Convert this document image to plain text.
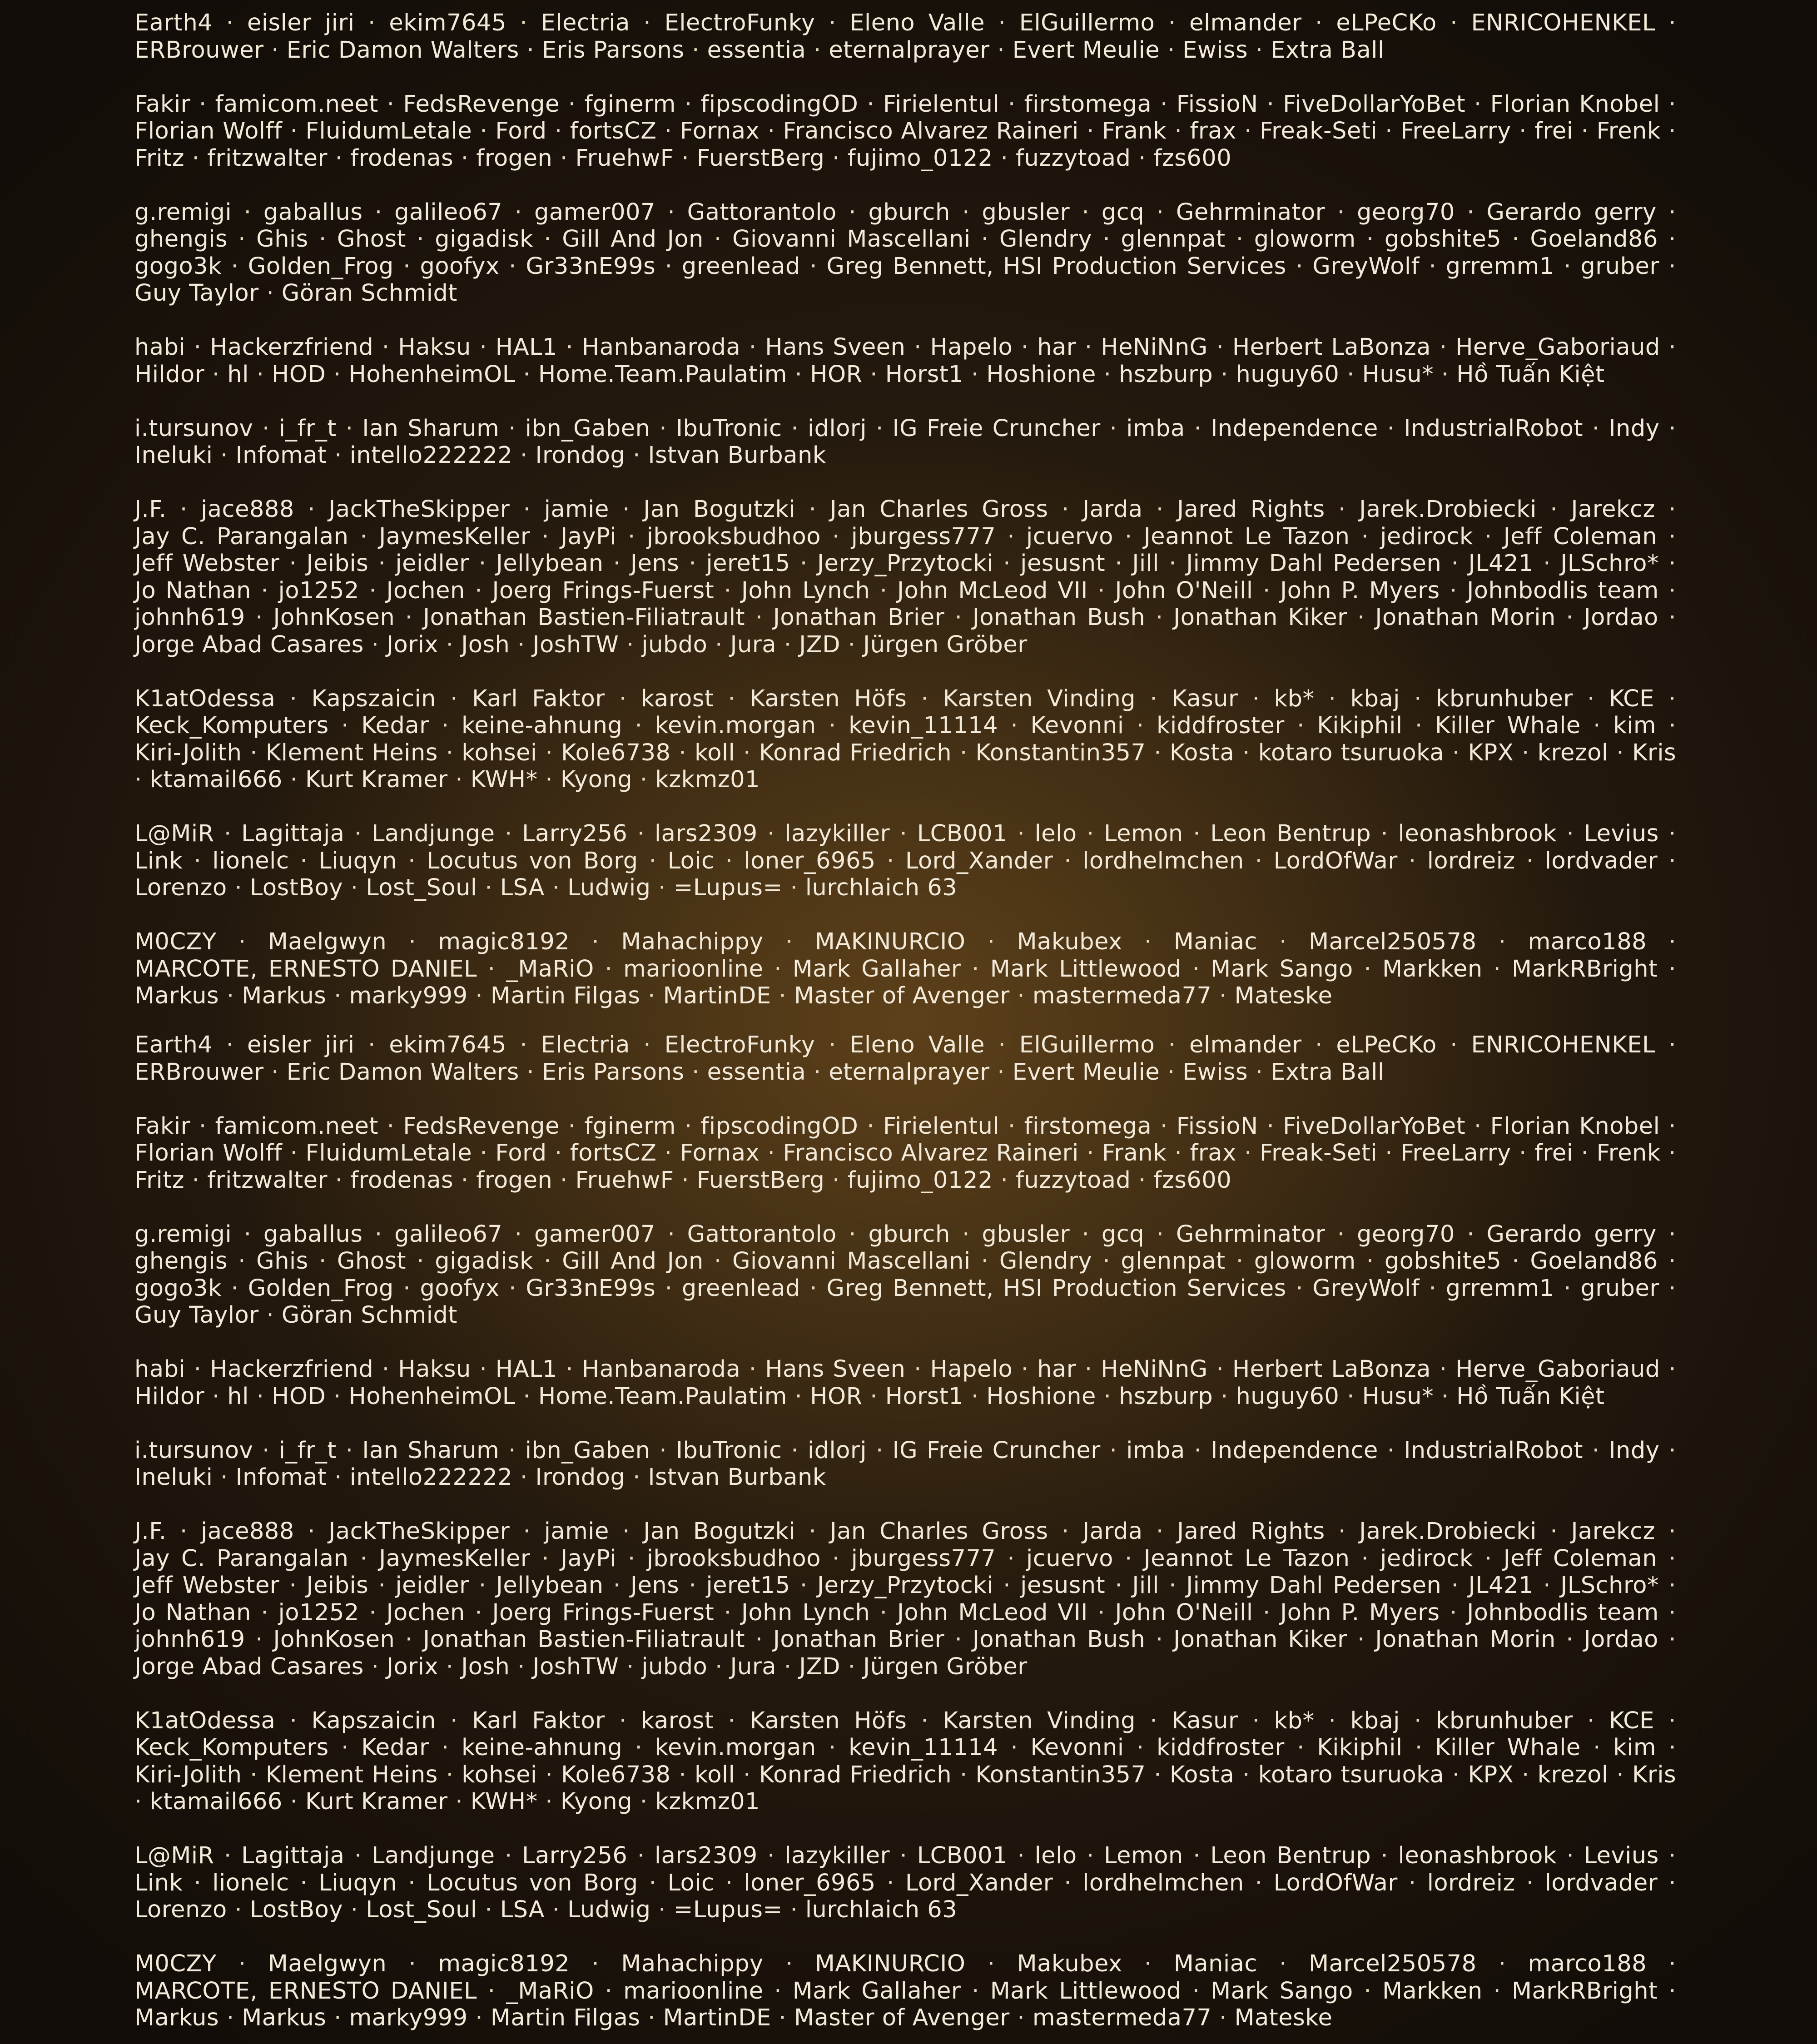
Earth4 · eisler jiri · ekim7645 · Electria · ElectroFunky · Eleno Valle · ElGuillermo · elmander · eLPeCKo · ENRICOHENKEL · ERBrouwer · Eric Damon Walters · Eris Parsons · essentia · eternalprayer · Evert Meulie · Ewiss · Extra Ball
Fakir · famicom.neet · FedsRevenge · fginerm · fipscodingOD · Firielentul · firstomega · FissioN · FiveDollarYoBet · Florian Knobel · Florian Wolff · FluidumLetale · Ford · fortsCZ · Fornax · Francisco Alvarez Raineri · Frank · frax · Freak-Seti · FreeLarry · frei · Frenk · Fritz · fritzwalter · frodenas · frogen · FruehwF · FuerstBerg · fujimo_0122 · fuzzytoad · fzs600
g.remigi · gaballus · galileo67 · gamer007 · Gattorantolo · gburch · gbusler · gcq · Gehrminator · georg70 · Gerardo gerry · ghengis · Ghis · Ghost · gigadisk · Gill And Jon · Giovanni Mascellani · Glendry · glennpat · gloworm · gobshite5 · Goeland86 · gogo3k · Golden_Frog · goofyx · Gr33nE99s · greenlead · Greg Bennett, HSI Production Services · GreyWolf · grremm1 · gruber · Guy Taylor · Göran Schmidt
habi · Hackerzfriend · Haksu · HAL1 · Hanbanaroda · Hans Sveen · Hapelo · har · HeNiNnG · Herbert LaBonza · Herve_Gaboriaud · Hildor · hl · HOD · HohenheimOL · Home.Team.Paulatim · HOR · Horst1 · Hoshione · hszburp · huguy60 · Husu* · Hồ Tuấn Kiệt
i.tursunov · i_fr_t · Ian Sharum · ibn_Gaben · IbuTronic · idlorj · IG Freie Cruncher · imba · Independence · IndustrialRobot · Indy · Ineluki · Infomat · intello222222 · Irondog · Istvan Burbank
J.F. · jace888 · JackTheSkipper · jamie · Jan Bogutzki · Jan Charles Gross · Jarda · Jared Rights · Jarek.Drobiecki · Jarekcz · Jay C. Parangalan · JaymesKeller · JayPi · jbrooksbudhoo · jburgess777 · jcuervo · Jeannot Le Tazon · jedirock · Jeff Coleman · Jeff Webster · Jeibis · jeidler · Jellybean · Jens · jeret15 · Jerzy_Przytocki · jesusnt · Jill · Jimmy Dahl Pedersen · JL421 · JLSchro* · Jo Nathan · jo1252 · Jochen · Joerg Frings-Fuerst · John Lynch · John McLeod VII · John O'Neill · John P. Myers · Johnbodlis team · johnh619 · JohnKosen · Jonathan Bastien-Filiatrault · Jonathan Brier · Jonathan Bush · Jonathan Kiker · Jonathan Morin · Jordao · Jorge Abad Casares · Jorix · Josh · JoshTW · jubdo · Jura · JZD · Jürgen Gröber
K1atOdessa · Kapszaicin · Karl Faktor · karost · Karsten Höfs · Karsten Vinding · Kasur · kb* · kbaj · kbrunhuber · KCE · Keck_Komputers · Kedar · keine-ahnung · kevin.morgan · kevin_11114 · Kevonni · kiddfroster · Kikiphil · Killer Whale · kim · Kiri-Jolith · Klement Heins · kohsei · Kole6738 · koll · Konrad Friedrich · Konstantin357 · Kosta · kotaro tsuruoka · KPX · krezol · Kris · ktamail666 · Kurt Kramer · KWH* · Kyong · kzkmz01
L@MiR · Lagittaja · Landjunge · Larry256 · lars2309 · lazykiller · LCB001 · lelo · Lemon · Leon Bentrup · leonashbrook · Levius · Link · lionelc · Liuqyn · Locutus von Borg · Loic · loner_6965 · Lord_Xander · lordhelmchen · LordOfWar · lordreiz · lordvader · Lorenzo · LostBoy · Lost_Soul · LSA · Ludwig · =Lupus= · lurchlaich 63
M0CZY · Maelgwyn · magic8192 · Mahachippy · MAKINURCIO · Makubex · Maniac · Marcel250578 · marco188 · MARCOTE, ERNESTO DANIEL · _MaRiO · marioonline · Mark Gallaher · Mark Littlewood · Mark Sango · Markken · MarkRBright · Markus · Markus · marky999 · Martin Filgas · MartinDE · Master of Avenger · mastermeda77 · Mateske
Earth4 · eisler jiri · ekim7645 · Electria · ElectroFunky · Eleno Valle · ElGuillermo · elmander · eLPeCKo · ENRICOHENKEL · ERBrouwer · Eric Damon Walters · Eris Parsons · essentia · eternalprayer · Evert Meulie · Ewiss · Extra Ball
Fakir · famicom.neet · FedsRevenge · fginerm · fipscodingOD · Firielentul · firstomega · FissioN · FiveDollarYoBet · Florian Knobel · Florian Wolff · FluidumLetale · Ford · fortsCZ · Fornax · Francisco Alvarez Raineri · Frank · frax · Freak-Seti · FreeLarry · frei · Frenk · Fritz · fritzwalter · frodenas · frogen · FruehwF · FuerstBerg · fujimo_0122 · fuzzytoad · fzs600
g.remigi · gaballus · galileo67 · gamer007 · Gattorantolo · gburch · gbusler · gcq · Gehrminator · georg70 · Gerardo gerry · ghengis · Ghis · Ghost · gigadisk · Gill And Jon · Giovanni Mascellani · Glendry · glennpat · gloworm · gobshite5 · Goeland86 · gogo3k · Golden_Frog · goofyx · Gr33nE99s · greenlead · Greg Bennett, HSI Production Services · GreyWolf · grremm1 · gruber · Guy Taylor · Göran Schmidt
habi · Hackerzfriend · Haksu · HAL1 · Hanbanaroda · Hans Sveen · Hapelo · har · HeNiNnG · Herbert LaBonza · Herve_Gaboriaud · Hildor · hl · HOD · HohenheimOL · Home.Team.Paulatim · HOR · Horst1 · Hoshione · hszburp · huguy60 · Husu* · Hồ Tuấn Kiệt
i.tursunov · i_fr_t · Ian Sharum · ibn_Gaben · IbuTronic · idlorj · IG Freie Cruncher · imba · Independence · IndustrialRobot · Indy · Ineluki · Infomat · intello222222 · Irondog · Istvan Burbank
J.F. · jace888 · JackTheSkipper · jamie · Jan Bogutzki · Jan Charles Gross · Jarda · Jared Rights · Jarek.Drobiecki · Jarekcz · Jay C. Parangalan · JaymesKeller · JayPi · jbrooksbudhoo · jburgess777 · jcuervo · Jeannot Le Tazon · jedirock · Jeff Coleman · Jeff Webster · Jeibis · jeidler · Jellybean · Jens · jeret15 · Jerzy_Przytocki · jesusnt · Jill · Jimmy Dahl Pedersen · JL421 · JLSchro* · Jo Nathan · jo1252 · Jochen · Joerg Frings-Fuerst · John Lynch · John McLeod VII · John O'Neill · John P. Myers · Johnbodlis team · johnh619 · JohnKosen · Jonathan Bastien-Filiatrault · Jonathan Brier · Jonathan Bush · Jonathan Kiker · Jonathan Morin · Jordao · Jorge Abad Casares · Jorix · Josh · JoshTW · jubdo · Jura · JZD · Jürgen Gröber
K1atOdessa · Kapszaicin · Karl Faktor · karost · Karsten Höfs · Karsten Vinding · Kasur · kb* · kbaj · kbrunhuber · KCE · Keck_Komputers · Kedar · keine-ahnung · kevin.morgan · kevin_11114 · Kevonni · kiddfroster · Kikiphil · Killer Whale · kim · Kiri-Jolith · Klement Heins · kohsei · Kole6738 · koll · Konrad Friedrich · Konstantin357 · Kosta · kotaro tsuruoka · KPX · krezol · Kris · ktamail666 · Kurt Kramer · KWH* · Kyong · kzkmz01
L@MiR · Lagittaja · Landjunge · Larry256 · lars2309 · lazykiller · LCB001 · lelo · Lemon · Leon Bentrup · leonashbrook · Levius · Link · lionelc · Liuqyn · Locutus von Borg · Loic · loner_6965 · Lord_Xander · lordhelmchen · LordOfWar · lordreiz · lordvader · Lorenzo · LostBoy · Lost_Soul · LSA · Ludwig · =Lupus= · lurchlaich 63
M0CZY · Maelgwyn · magic8192 · Mahachippy · MAKINURCIO · Makubex · Maniac · Marcel250578 · marco188 · MARCOTE, ERNESTO DANIEL · _MaRiO · marioonline · Mark Gallaher · Mark Littlewood · Mark Sango · Markken · MarkRBright · Markus · Markus · marky999 · Martin Filgas · MartinDE · Master of Avenger · mastermeda77 · Mateske
